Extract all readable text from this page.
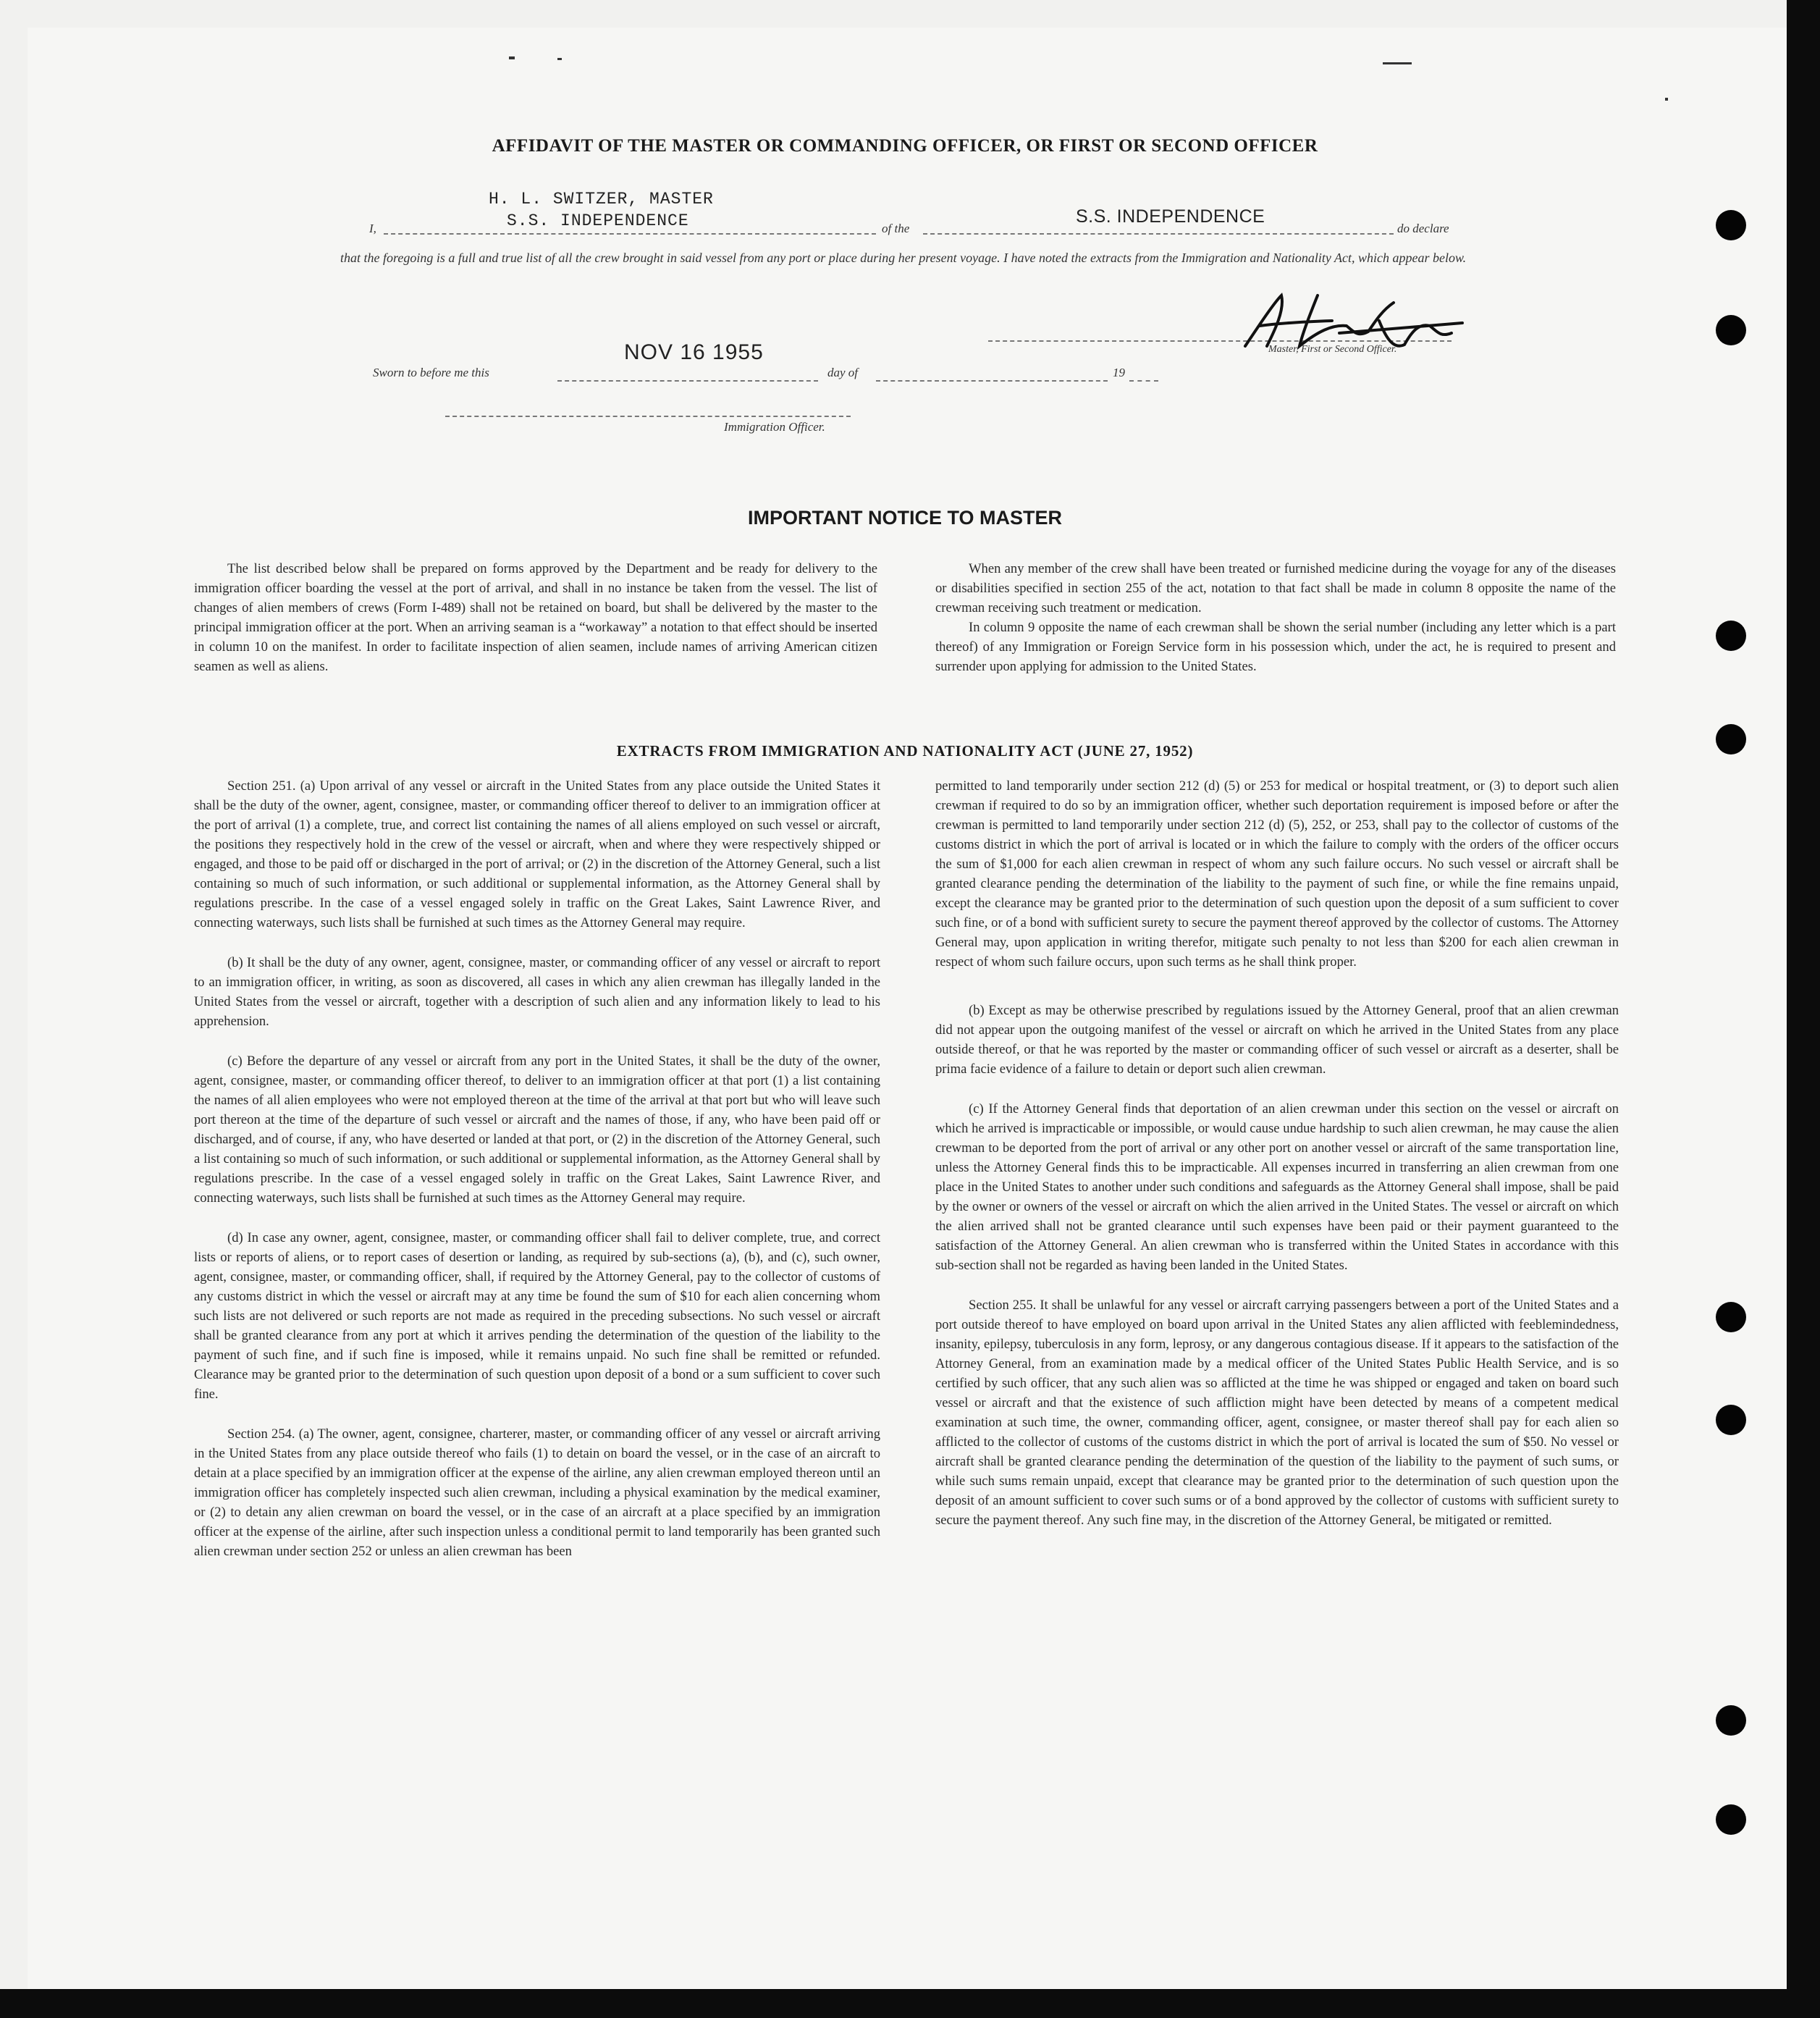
AFFIDAVIT OF THE MASTER OR COMMANDING OFFICER, OR FIRST OR SECOND OFFICER
I,
H. L. SWITZER, MASTER
S.S. INDEPENDENCE	of the
S.S. INDEPENDENCE
do declare
that the foregoing is a full and true list of all the crew brought in said vessel from any port or place during her present voyage. I have noted the extracts from the Immigration and Nationality Act, which appear below.
Master, First or Second Officer.
Sworn to before me this
NOV 16 1955
day of	19
Immigration Officer.
IMPORTANT NOTICE TO MASTER

The list described below shall be prepared on forms approved by the Department and be ready for delivery to the immigration officer boarding the vessel at the port of arrival, and shall in no instance be taken from the vessel. The list of changes of alien members of crews (Form I-489) shall not be retained on board, but shall be delivered by the master to the principal immigration officer at the port. When an arriving seaman is a “workaway” a notation to that effect should be inserted in column 10 on the manifest. In order to facilitate inspection of alien seamen, include names of arriving American citizen seamen as well as aliens.

When any member of the crew shall have been treated or furnished medicine during the voyage for any of the diseases or disabilities specified in section 255 of the act, notation to that fact shall be made in column 8 opposite the name of the crewman receiving such treatment or medication.

In column 9 opposite the name of each crewman shall be shown the serial number (including any letter which is a part thereof) of any Immigration or Foreign Service form in his possession which, under the act, he is required to present and surrender upon applying for admission to the United States.

EXTRACTS FROM IMMIGRATION AND NATIONALITY ACT (JUNE 27, 1952)

Section 251. (a) Upon arrival of any vessel or aircraft in the United States from any place outside the United States it shall be the duty of the owner, agent, consignee, master, or commanding officer thereof to deliver to an immigration officer at the port of arrival (1) a complete, true, and correct list containing the names of all aliens employed on such vessel or aircraft, the positions they respectively hold in the crew of the vessel or aircraft, when and where they were respectively shipped or engaged, and those to be paid off or discharged in the port of arrival; or (2) in the discretion of the Attorney General, such a list containing so much of such information, or such additional or supplemental information, as the Attorney General shall by regulations prescribe. In the case of a vessel engaged solely in traffic on the Great Lakes, Saint Lawrence River, and connecting waterways, such lists shall be furnished at such times as the Attorney General may require.

(b) It shall be the duty of any owner, agent, consignee, master, or commanding officer of any vessel or aircraft to report to an immigration officer, in writing, as soon as discovered, all cases in which any alien crewman has illegally landed in the United States from the vessel or aircraft, together with a description of such alien and any information likely to lead to his apprehension.

(c) Before the departure of any vessel or aircraft from any port in the United States, it shall be the duty of the owner, agent, consignee, master, or commanding officer thereof, to deliver to an immigration officer at that port (1) a list containing the names of all alien employees who were not employed thereon at the time of the arrival at that port but who will leave such port thereon at the time of the departure of such vessel or aircraft and the names of those, if any, who have been paid off or discharged, and of course, if any, who have deserted or landed at that port, or (2) in the discretion of the Attorney General, such a list containing so much of such information, or such additional or supplemental information, as the Attorney General shall by regulations prescribe. In the case of a vessel engaged solely in traffic on the Great Lakes, Saint Lawrence River, and connecting waterways, such lists shall be furnished at such times as the Attorney General may require.

(d) In case any owner, agent, consignee, master, or commanding officer shall fail to deliver complete, true, and correct lists or reports of aliens, or to report cases of desertion or landing, as required by sub-sections (a), (b), and (c), such owner, agent, consignee, master, or commanding officer, shall, if required by the Attorney General, pay to the collector of customs of any customs district in which the vessel or aircraft may at any time be found the sum of $10 for each alien concerning whom such lists are not delivered or such reports are not made as required in the preceding subsections. No such vessel or aircraft shall be granted clearance from any port at which it arrives pending the determination of the question of the liability to the payment of such fine, and if such fine is imposed, while it remains unpaid. No such fine shall be remitted or refunded. Clearance may be granted prior to the determination of such question upon deposit of a bond or a sum sufficient to cover such fine.

Section 254. (a) The owner, agent, consignee, charterer, master, or commanding officer of any vessel or aircraft arriving in the United States from any place outside thereof who fails (1) to detain on board the vessel, or in the case of an aircraft to detain at a place specified by an immigration officer at the expense of the airline, any alien crewman employed thereon until an immigration officer has completely inspected such alien crewman, including a physical examination by the medical examiner, or (2) to detain any alien crewman on board the vessel, or in the case of an aircraft at a place specified by an immigration officer at the expense of the airline, after such inspection unless a conditional permit to land temporarily has been granted such alien crewman under section 252 or unless an alien crewman has been

permitted to land temporarily under section 212 (d) (5) or 253 for medical or hospital treatment, or (3) to deport such alien crewman if required to do so by an immigration officer, whether such deportation requirement is imposed before or after the crewman is permitted to land temporarily under section 212 (d) (5), 252, or 253, shall pay to the collector of customs of the customs district in which the port of arrival is located or in which the failure to comply with the orders of the officer occurs the sum of $1,000 for each alien crewman in respect of whom any such failure occurs. No such vessel or aircraft shall be granted clearance pending the determination of the liability to the payment of such fine, or while the fine remains unpaid, except the clearance may be granted prior to the determination of such question upon the deposit of a sum sufficient to cover such fine, or of a bond with sufficient surety to secure the payment thereof approved by the collector of customs. The Attorney General may, upon application in writing therefor, mitigate such penalty to not less than $200 for each alien crewman in respect of whom such failure occurs, upon such terms as he shall think proper.

(b) Except as may be otherwise prescribed by regulations issued by the Attorney General, proof that an alien crewman did not appear upon the outgoing manifest of the vessel or aircraft on which he arrived in the United States from any place outside thereof, or that he was reported by the master or commanding officer of such vessel or aircraft as a deserter, shall be prima facie evidence of a failure to detain or deport such alien crewman.

(c) If the Attorney General finds that deportation of an alien crewman under this section on the vessel or aircraft on which he arrived is impracticable or impossible, or would cause undue hardship to such alien crewman, he may cause the alien crewman to be deported from the port of arrival or any other port on another vessel or aircraft of the same transportation line, unless the Attorney General finds this to be impracticable. All expenses incurred in transferring an alien crewman from one place in the United States to another under such conditions and safeguards as the Attorney General shall impose, shall be paid by the owner or owners of the vessel or aircraft on which the alien arrived in the United States. The vessel or aircraft on which the alien arrived shall not be granted clearance until such expenses have been paid or their payment guaranteed to the satisfaction of the Attorney General. An alien crewman who is transferred within the United States in accordance with this sub-section shall not be regarded as having been landed in the United States.

Section 255. It shall be unlawful for any vessel or aircraft carrying passengers between a port of the United States and a port outside thereof to have employed on board upon arrival in the United States any alien afflicted with feeblemindedness, insanity, epilepsy, tuberculosis in any form, leprosy, or any dangerous contagious disease. If it appears to the satisfaction of the Attorney General, from an examination made by a medical officer of the United States Public Health Service, and is so certified by such officer, that any such alien was so afflicted at the time he was shipped or engaged and taken on board such vessel or aircraft and that the existence of such affliction might have been detected by means of a competent medical examination at such time, the owner, commanding officer, agent, consignee, or master thereof shall pay for each alien so afflicted to the collector of customs of the customs district in which the port of arrival is located the sum of $50. No vessel or aircraft shall be granted clearance pending the determination of the question of the liability to the payment of such sums, or while such sums remain unpaid, except that clearance may be granted prior to the determination of such question upon the deposit of an amount sufficient to cover such sums or of a bond approved by the collector of customs with sufficient surety to secure the payment thereof. Any such fine may, in the discretion of the Attorney General, be mitigated or remitted.
